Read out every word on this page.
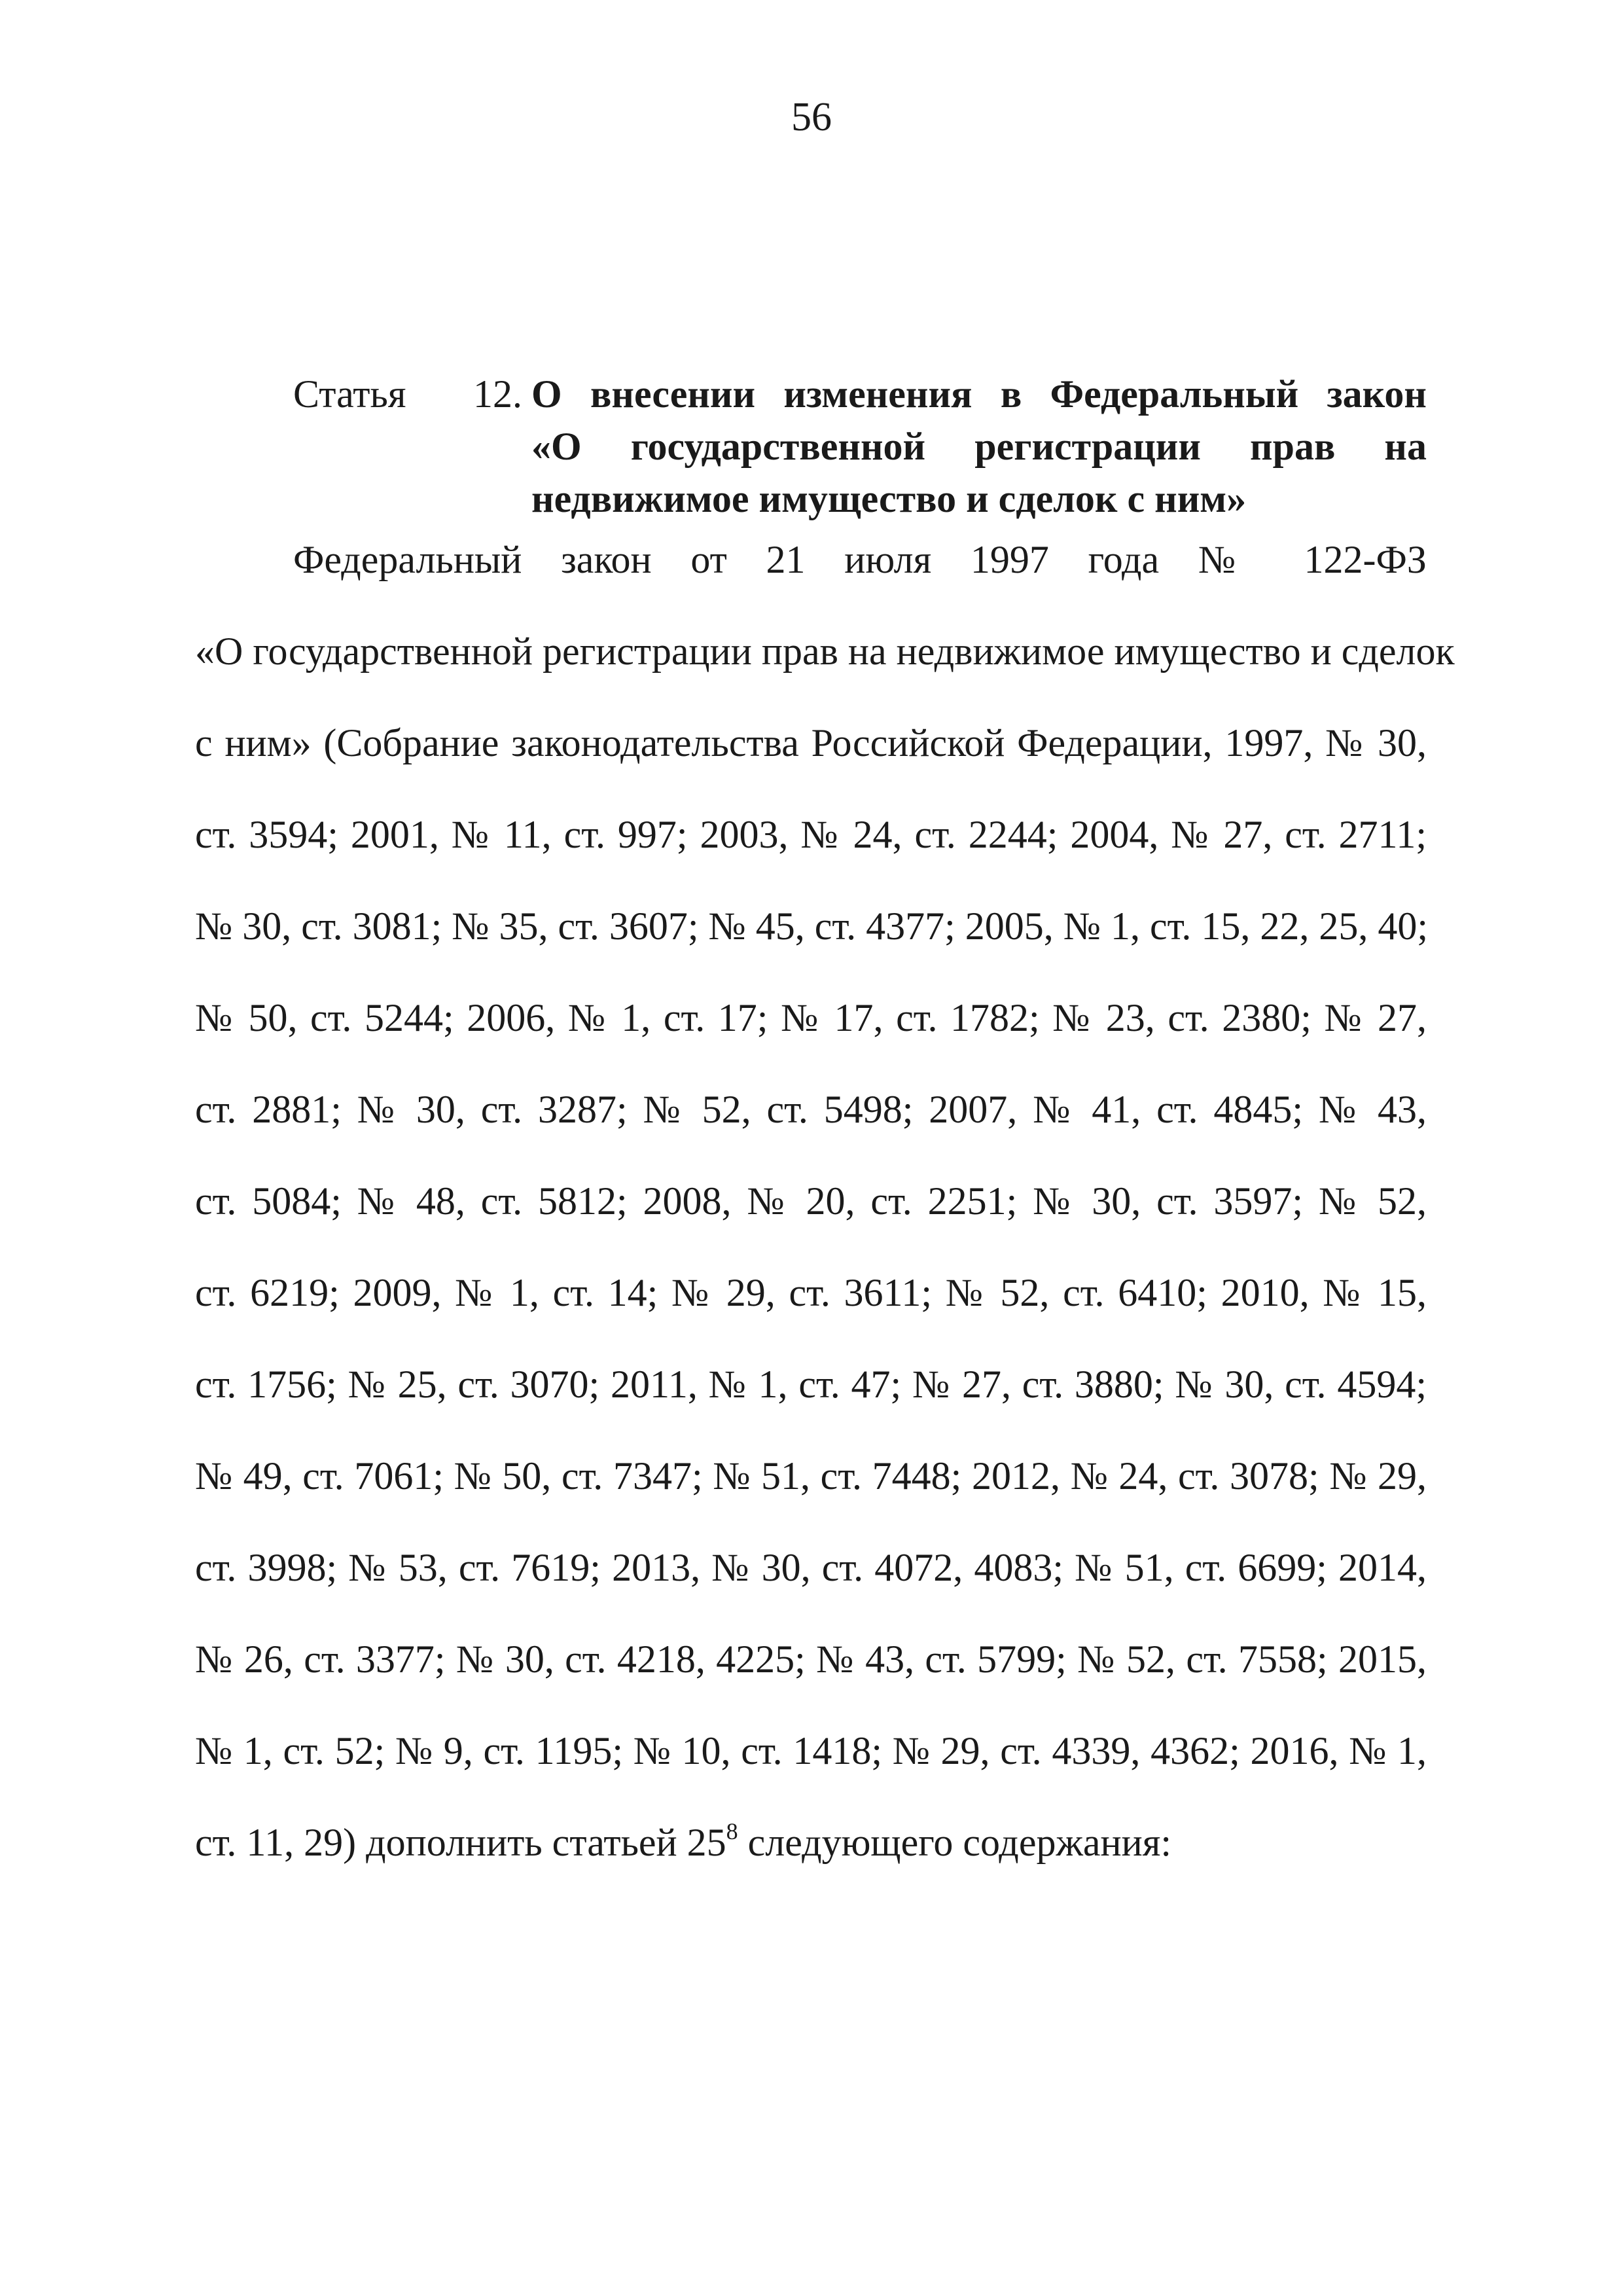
56
Статья 12. О внесении изменения в Федеральный закон
«О государственной регистрации прав на
недвижимое имущество и сделок с ним»
Федеральный закон от 21 июля 1997 года № 122-ФЗ
«О государственной регистрации прав на недвижимое имущество и сделок
с ним» (Собрание законодательства Российской Федерации, 1997, № 30,
ст. 3594; 2001, № 11, ст. 997; 2003, № 24, ст. 2244; 2004, № 27, ст. 2711;
№ 30, ст. 3081; № 35, ст. 3607; № 45, ст. 4377; 2005, № 1, ст. 15, 22, 25, 40;
№ 50, ст. 5244; 2006, № 1, ст. 17; № 17, ст. 1782; № 23, ст. 2380; № 27,
ст. 2881; № 30, ст. 3287; № 52, ст. 5498; 2007, № 41, ст. 4845; № 43,
ст. 5084; № 48, ст. 5812; 2008, № 20, ст. 2251; № 30, ст. 3597; № 52,
ст. 6219; 2009, № 1, ст. 14; № 29, ст. 3611; № 52, ст. 6410; 2010, № 15,
ст. 1756; № 25, ст. 3070; 2011, № 1, ст. 47; № 27, ст. 3880; № 30, ст. 4594;
№ 49, ст. 7061; № 50, ст. 7347; № 51, ст. 7448; 2012, № 24, ст. 3078; № 29,
ст. 3998; № 53, ст. 7619; 2013, № 30, ст. 4072, 4083; № 51, ст. 6699; 2014,
№ 26, ст. 3377; № 30, ст. 4218, 4225; № 43, ст. 5799; № 52, ст. 7558; 2015,
№ 1, ст. 52; № 9, ст. 1195; № 10, ст. 1418; № 29, ст. 4339, 4362; 2016, № 1,
ст. 11, 29) дополнить статьей $25^8$ следующего содержания:
